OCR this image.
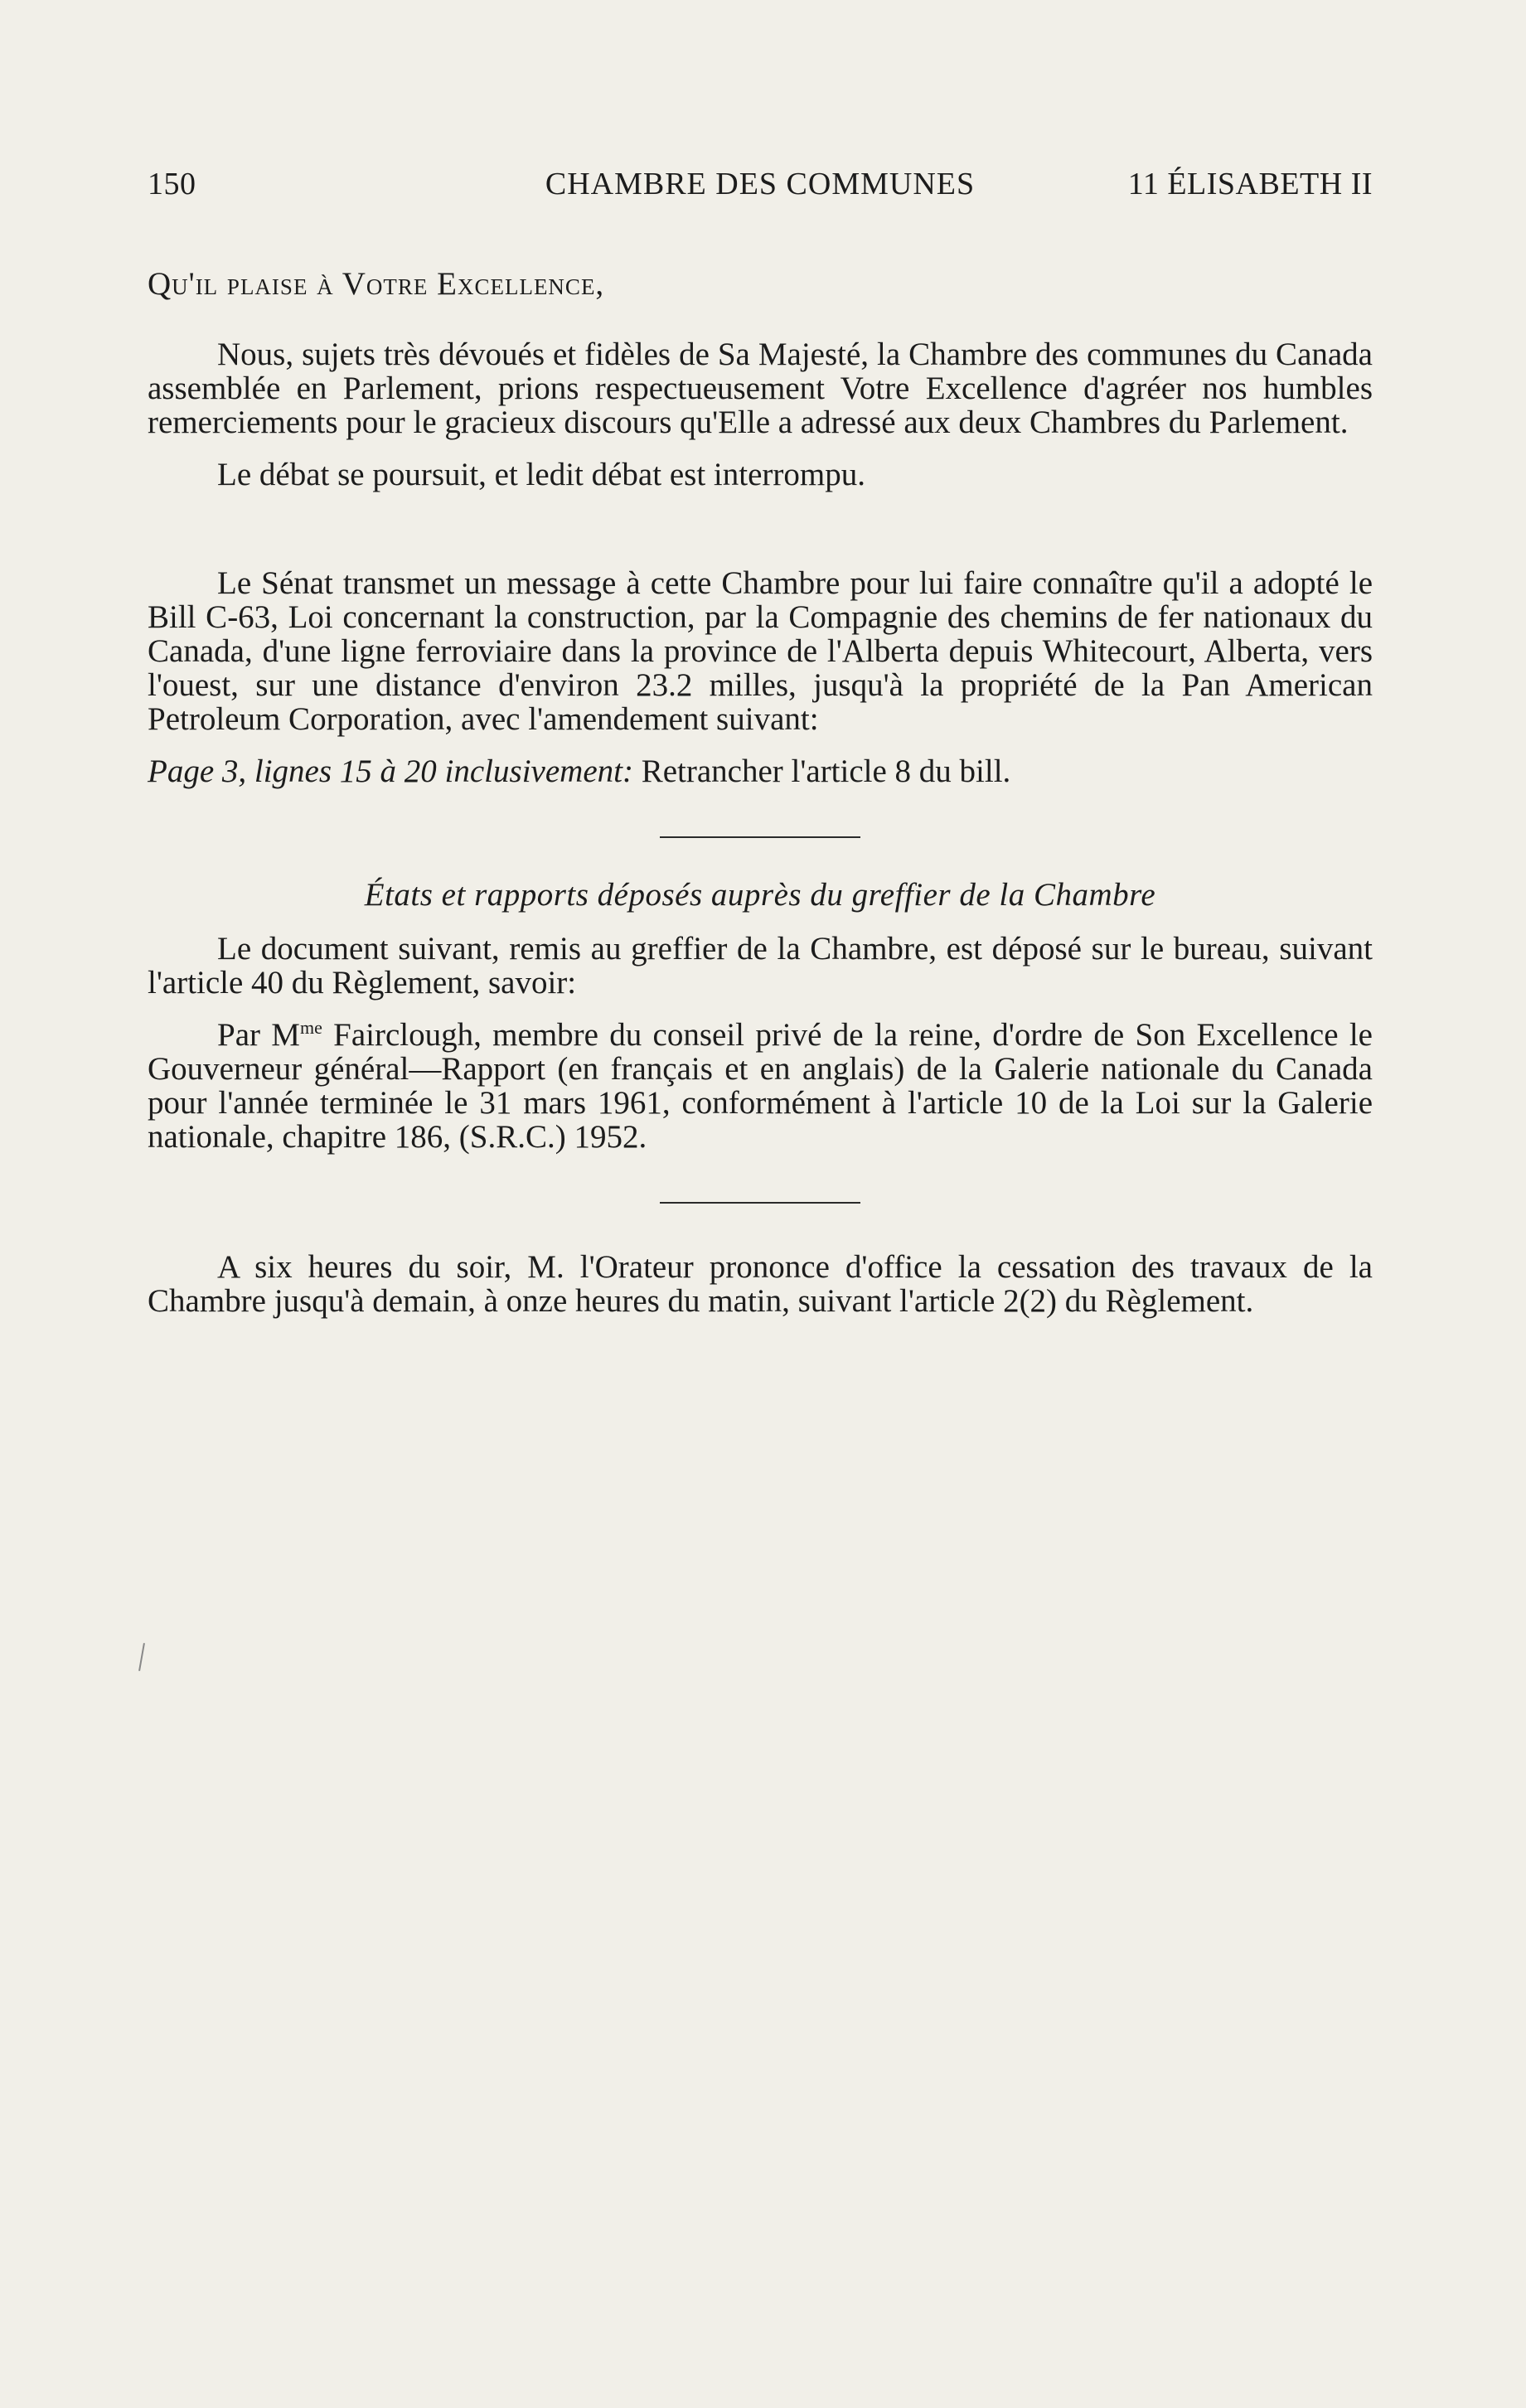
150	CHAMBRE DES COMMUNES	11 ÉLISABETH II
Qu'il plaise à Votre Excellence,

Nous, sujets très dévoués et fidèles de Sa Majesté, la Chambre des communes du Canada assemblée en Parlement, prions respectueusement Votre Excellence d'agréer nos humbles remerciements pour le gracieux discours qu'Elle a adressé aux deux Chambres du Parlement.

Le débat se poursuit, et ledit débat est interrompu.

Le Sénat transmet un message à cette Chambre pour lui faire connaître qu'il a adopté le Bill C-63, Loi concernant la construction, par la Compagnie des chemins de fer nationaux du Canada, d'une ligne ferroviaire dans la province de l'Alberta depuis Whitecourt, Alberta, vers l'ouest, sur une distance d'environ 23.2 milles, jusqu'à la propriété de la Pan American Petroleum Corporation, avec l'amendement suivant:

Page 3, lignes 15 à 20 inclusivement: Retrancher l'article 8 du bill.

États et rapports déposés auprès du greffier de la Chambre

Le document suivant, remis au greffier de la Chambre, est déposé sur le bureau, suivant l'article 40 du Règlement, savoir:

Par $M^{me}$ Fairclough, membre du conseil privé de la reine, d'ordre de Son Excellence le Gouverneur général—Rapport (en français et en anglais) de la Galerie nationale du Canada pour l'année terminée le 31 mars 1961, conformément à l'article 10 de la Loi sur la Galerie nationale, chapitre 186, (S.R.C.) 1952.

A six heures du soir, M. l'Orateur prononce d'office la cessation des travaux de la Chambre jusqu'à demain, à onze heures du matin, suivant l'article 2(2) du Règlement.
